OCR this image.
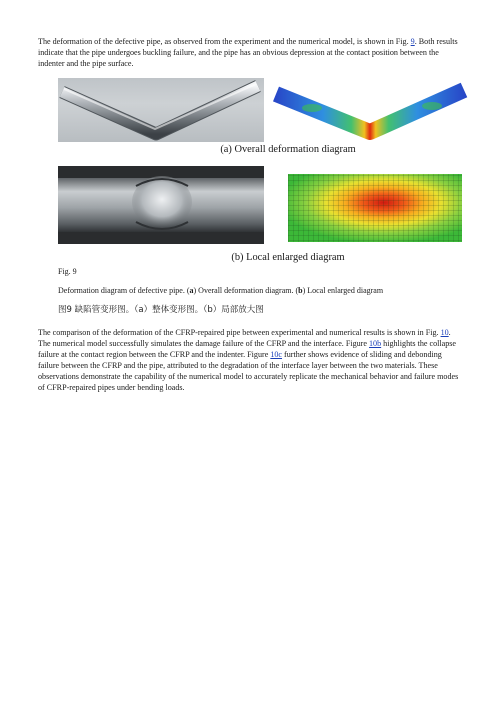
The deformation of the defective pipe, as observed from the experiment and the numerical model, is shown in Fig. 9. Both results indicate that the pipe undergoes buckling failure, and the pipe has an obvious depression at the contact position between the indenter and the pipe surface.

(a) Overall deformation diagram
(b) Local enlarged diagram
Fig. 9
Deformation diagram of defective pipe. (a) Overall deformation diagram. (b) Local enlarged diagram
图9 缺陷管变形图。（a）整体变形图。（b）局部放大图

The comparison of the deformation of the CFRP-repaired pipe between experimental and numerical results is shown in Fig. 10. The numerical model successfully simulates the damage failure of the CFRP and the interface. Figure 10b highlights the collapse failure at the contact region between the CFRP and the indenter. Figure 10c further shows evidence of sliding and debonding failure between the CFRP and the pipe, attributed to the degradation of the interface layer between the two materials. These observations demonstrate the capability of the numerical model to accurately replicate the mechanical behavior and failure modes of CFRP-repaired pipes under bending loads.
